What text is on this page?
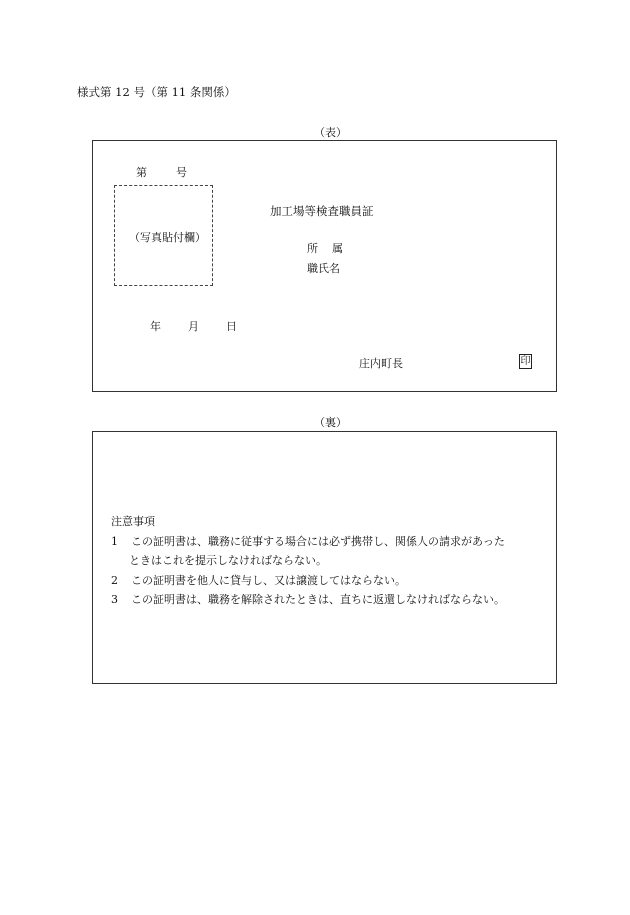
様式第 12 号（第 11 条関係）
（表）
第	号
（写真貼付欄）
加工場等検査職員証
所 属
職氏名
年 月 日
庄内町長	印
（裏）
注意事項
1 この証明書は、職務に従事する場合には必ず携帯し、関係人の請求があった
ときはこれを提示しなければならない。
2 この証明書を他人に貸与し、又は譲渡してはならない。
3 この証明書は、職務を解除されたときは、直ちに返還しなければならない。
